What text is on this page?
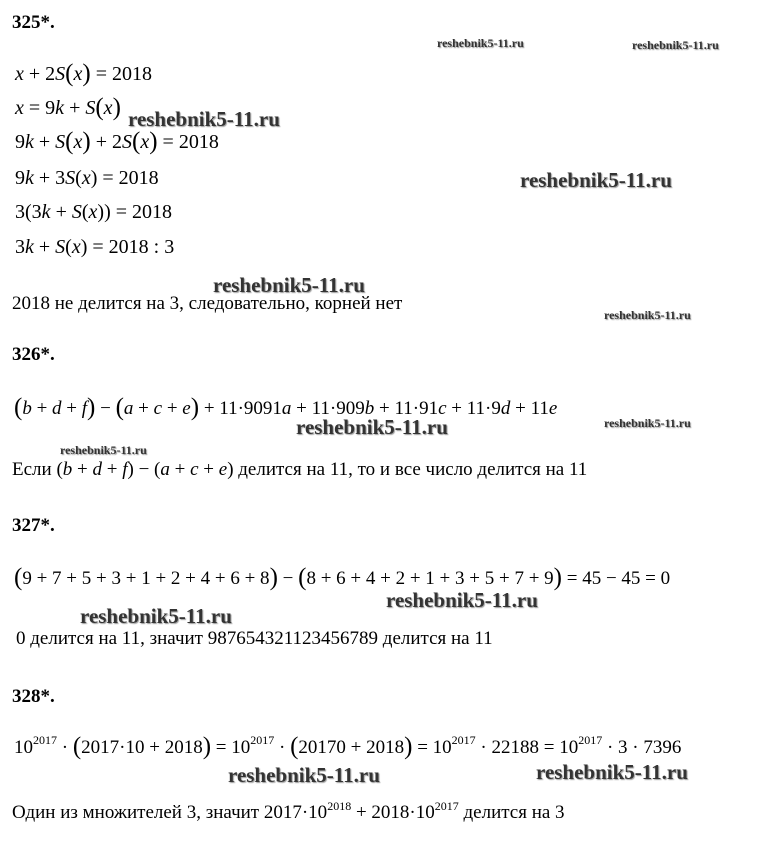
325*.

x + 2S(x) = 2018

x = 9k + S(x)

9k + S(x) + 2S(x) = 2018

9k + 3S(x) = 2018

3(3k + S(x)) = 2018

3k + S(x) = 2018 : 3

2018 не делится на 3, следовательно, корней нет

326*.

(b + d + f) − (a + c + e) + 11·9091a + 11·909b + 11·91c + 11·9d + 11e

Если (b + d + f) − (a + c + e) делится на 11, то и все число делится на 11

327*.

(9 + 7 + 5 + 3 + 1 + 2 + 4 + 6 + 8) − (8 + 6 + 4 + 2 + 1 + 3 + 5 + 7 + 9) = 45 − 45 = 0

0 делится на 11, значит 987654321123456789 делится на 11

328*.

$10^{2017} \cdot (2017\cdot 10 + 2018) = 10^{2017} \cdot (20170 + 2018) = 10^{2017} \cdot 22188 = 10^{2017} \cdot 3 \cdot 7396$

Один из множителей 3, значит $2017\cdot 10^{2018} + 2018\cdot 10^{2017}$ делится на 3

reshebnik5-11.ru	reshebnik5-11.ru
reshebnik5-11.ru
reshebnik5-11.ru
reshebnik5-11.ru
reshebnik5-11.ru
reshebnik5-11.ru	reshebnik5-11.ru
reshebnik5-11.ru
reshebnik5-11.ru
reshebnik5-11.ru
reshebnik5-11.ru	reshebnik5-11.ru
